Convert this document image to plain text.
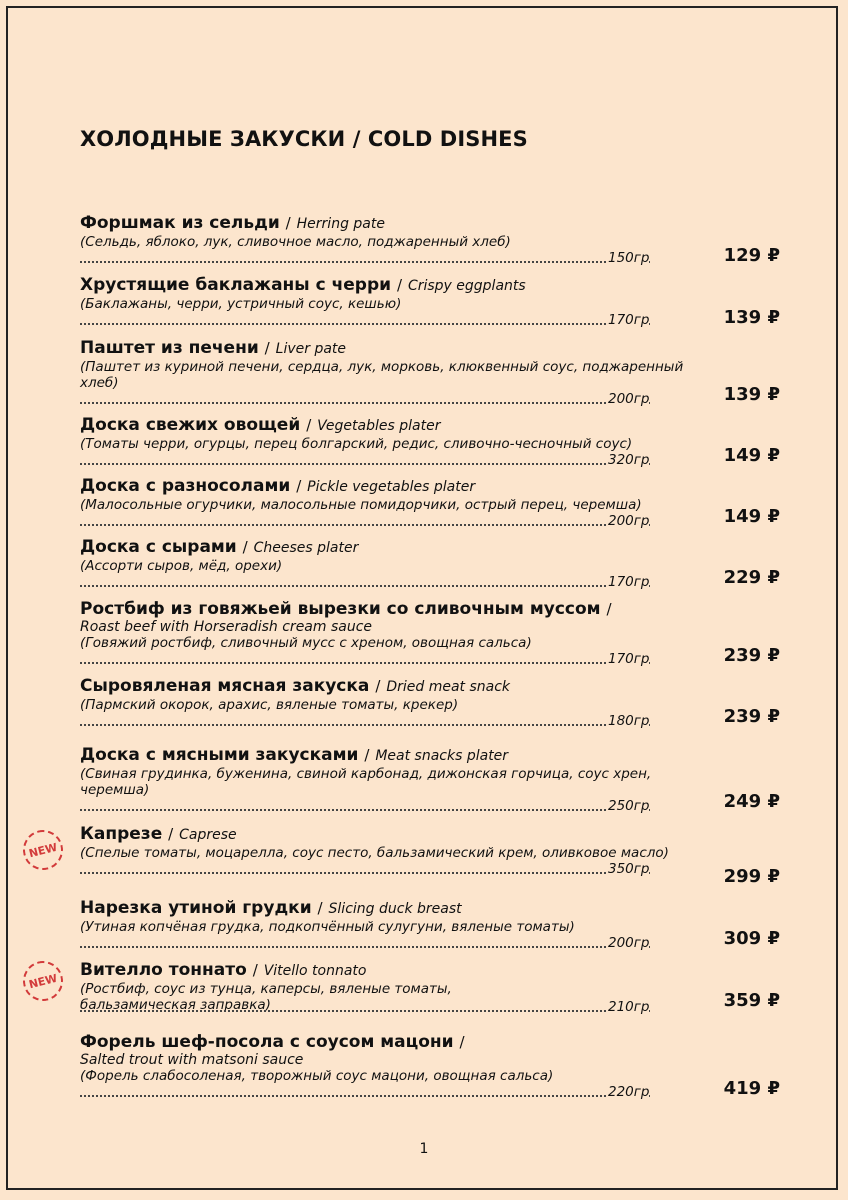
ХОЛОДНЫЕ ЗАКУСКИ / COLD DISHES
Форшмак из сельди / Herring pate
(Сельдь, яблоко, лук, сливочное масло, поджаренный хлеб)
150гр	129 ₽
Хрустящие баклажаны с черри / Crispy eggplants
(Баклажаны, черри, устричный соус, кешью)
170гр	139 ₽
Паштет из печени / Liver pate
(Паштет из куриной печени, сердца, лук, морковь, клюквенный соус, поджаренный хлеб)
200гр	139 ₽
Доска свежих овощей / Vegetables plater
(Томаты черри, огурцы, перец болгарский, редис, сливочно-чесночный соус)
320гр	149 ₽
Доска с разносолами / Pickle vegetables plater
(Малосольные огурчики, малосольные помидорчики, острый перец, черемша)
200гр	149 ₽
Доска с сырами / Cheeses plater
(Ассорти сыров, мёд, орехи)
170гр	229 ₽
Ростбиф из говяжьей вырезки со сливочным муссом /
Roast beef with Horseradish cream sauce
(Говяжий ростбиф, сливочный мусс с хреном, овощная сальса)
170гр	239 ₽
Сыровяленая мясная закуска / Dried meat snack
(Пармский окорок, арахис, вяленые томаты, крекер)
180гр	239 ₽
Доска с мясными закусками / Meat snacks plater
(Свиная грудинка, буженина, свиной карбонад, дижонская горчица, соус хрен, черемша)
250гр	249 ₽
NEW
Капрезе / Caprese
(Спелые томаты, моцарелла, соус песто, бальзамический крем, оливковое масло)
350гр	299 ₽
Нарезка утиной грудки / Slicing duck breast
(Утиная копчёная грудка, подкопчённый сулугуни, вяленые томаты)
200гр	309 ₽
NEW
Вителло тоннато / Vitello tonnato
(Ростбиф, соус из тунца, каперсы, вяленые томаты, бальзамическая заправка)	210гр	359 ₽
Форель шеф-посола с соусом мацони /
Salted trout with matsoni sauce
(Форель слабосоленая, творожный соус мацони, овощная сальса)
220гр	419 ₽
1
